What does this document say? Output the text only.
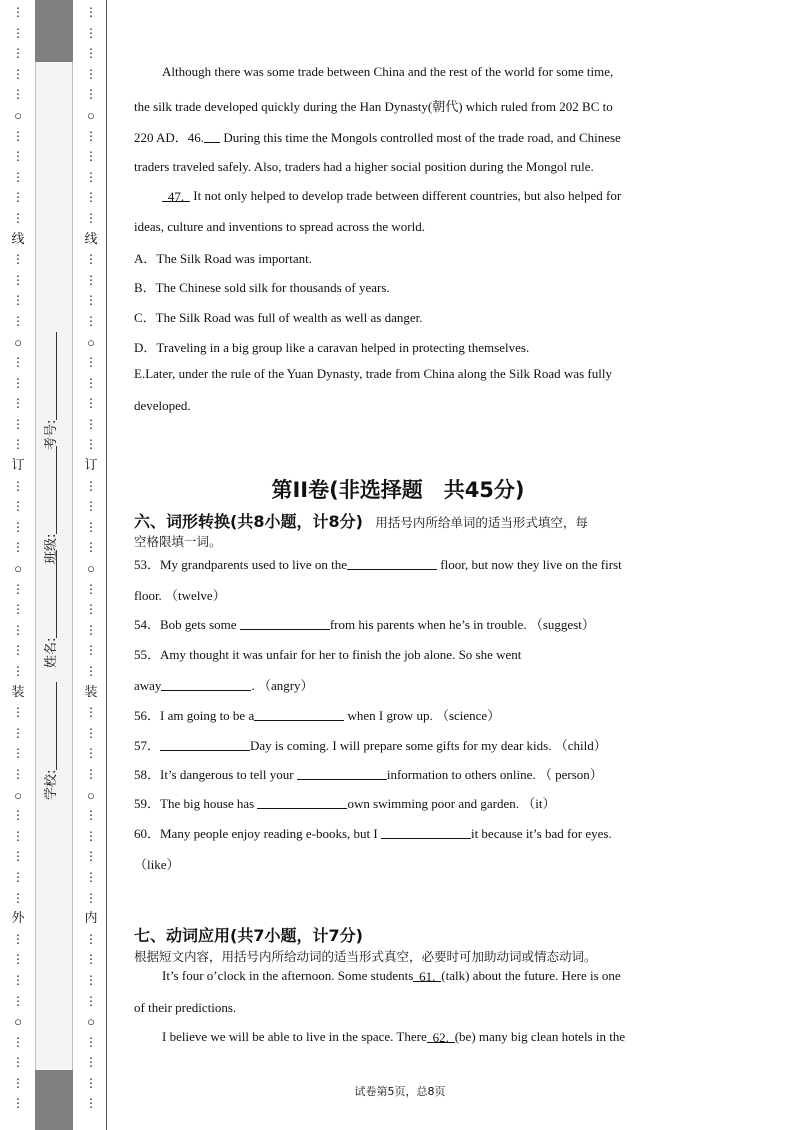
⋮
⋮
⋮
⋮
⋮
○
⋮
⋮
⋮
⋮
⋮
线
⋮
⋮
⋮
⋮
○
⋮
⋮
⋮
⋮
⋮
订
⋮
⋮
⋮
⋮
○
⋮
⋮
⋮
⋮
⋮
装
⋮
⋮
⋮
⋮
○
⋮
⋮
⋮
⋮
⋮
外
⋮
⋮
⋮
⋮
○
⋮
⋮
⋮
⋮
⋮
⋮
⋮
⋮
⋮
○
⋮
⋮
⋮
⋮
⋮
线
⋮
⋮
⋮
⋮
○
⋮
⋮
⋮
⋮
⋮
订
⋮
⋮
⋮
⋮
○
⋮
⋮
⋮
⋮
⋮
装
⋮
⋮
⋮
⋮
○
⋮
⋮
⋮
⋮
⋮
内
⋮
⋮
⋮
⋮
○
⋮
⋮
⋮
⋮
学校:
姓名:
班级:
考号:
Although there was some trade between China and the rest of the world for some time,
the silk trade developed quickly during the Han Dynasty(朝代) which ruled from 202 BC to
220 AD．46. During this time the Mongols controlled most of the trade road, and Chinese
traders traveled safely. Also, traders had a higher social position during the Mongol rule.
47. It not only helped to develop trade between different countries, but also helped for
ideas, culture and inventions to spread across the world.
A．The Silk Road was important.
B．The Chinese sold silk for thousands of years.
C．The Silk Road was full of wealth as well as danger.
D．Traveling in a big group like a caravan helped in protecting themselves.
E.Later, under the rule of the Yuan Dynasty, trade from China along the Silk Road was fully
developed.
第II卷(非选择题　共45分)
六、词形转换(共8小题，计8分)　用括号内所给单词的适当形式填空，每
空格限填一词。
53．My grandparents used to live on the	floor, but now they live on the first
floor. （twelve）
54．Bob gets some	from his parents when he’s in trouble. （suggest）
55．Amy thought it was unfair for her to finish the job alone. So she went
away	. （angry）
56．I am going to be a	when I grow up. （science）
57．	Day is coming. I will prepare some gifts for my dear kids. （child）
58．It’s dangerous to tell your	information to others online. （ person）
59．The big house has	own swimming poor and garden. （it）
60．Many people enjoy reading e-books, but I	it because it’s bad for eyes.
（like）
七、动词应用(共7小题，计7分)
根据短文内容，用括号内所给动词的适当形式真空，必要时可加助动词或情态动词。
It’s four o’clock in the afternoon. Some students 61. (talk) about the future. Here is one
of their predictions.
I believe we will be able to live in the space. There 62. (be) many big clean hotels in the
试卷第5页，总8页
